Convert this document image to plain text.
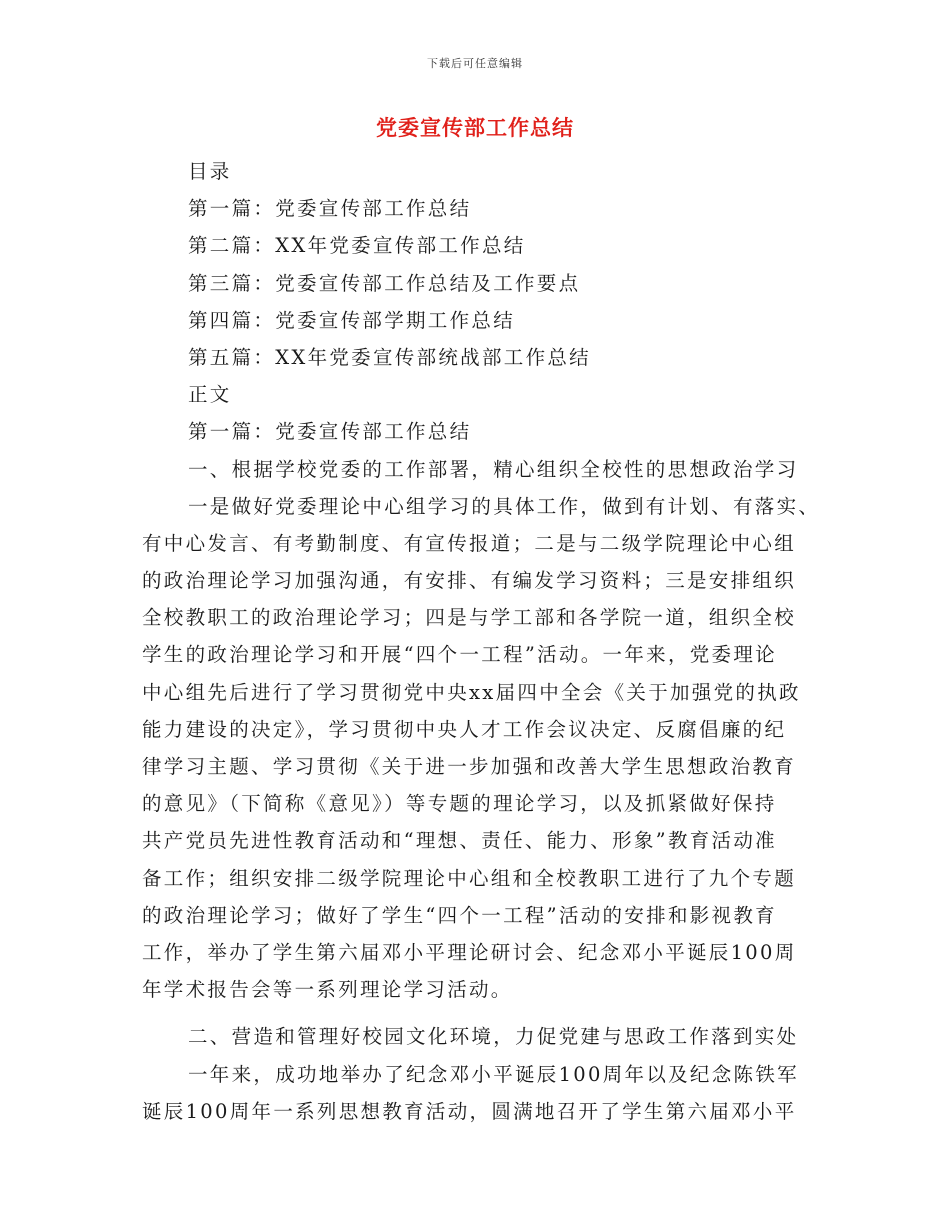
下载后可任意编辑
党委宣传部工作总结
目录
第一篇：党委宣传部工作总结
第二篇：XX年党委宣传部工作总结
第三篇：党委宣传部工作总结及工作要点
第四篇：党委宣传部学期工作总结
第五篇：XX年党委宣传部统战部工作总结
正文
第一篇：党委宣传部工作总结
一、根据学校党委的工作部署，精心组织全校性的思想政治学习
一是做好党委理论中心组学习的具体工作，做到有计划、有落实、
有中心发言、有考勤制度、有宣传报道；二是与二级学院理论中心组
的政治理论学习加强沟通，有安排、有编发学习资料；三是安排组织
全校教职工的政治理论学习；四是与学工部和各学院一道，组织全校
学生的政治理论学习和开展“四个一工程”活动。一年来，党委理论
中心组先后进行了学习贯彻党中央xx届四中全会《关于加强党的执政
能力建设的决定》，学习贯彻中央人才工作会议决定、反腐倡廉的纪
律学习主题、学习贯彻《关于进一步加强和改善大学生思想政治教育
的意见》（下简称《意见》）等专题的理论学习，以及抓紧做好保持
共产党员先进性教育活动和“理想、责任、能力、形象”教育活动准
备工作；组织安排二级学院理论中心组和全校教职工进行了九个专题
的政治理论学习；做好了学生“四个一工程”活动的安排和影视教育
工作，举办了学生第六届邓小平理论研讨会、纪念邓小平诞辰100周
年学术报告会等一系列理论学习活动。
二、营造和管理好校园文化环境，力促党建与思政工作落到实处
一年来，成功地举办了纪念邓小平诞辰100周年以及纪念陈铁军
诞辰100周年一系列思想教育活动，圆满地召开了学生第六届邓小平
